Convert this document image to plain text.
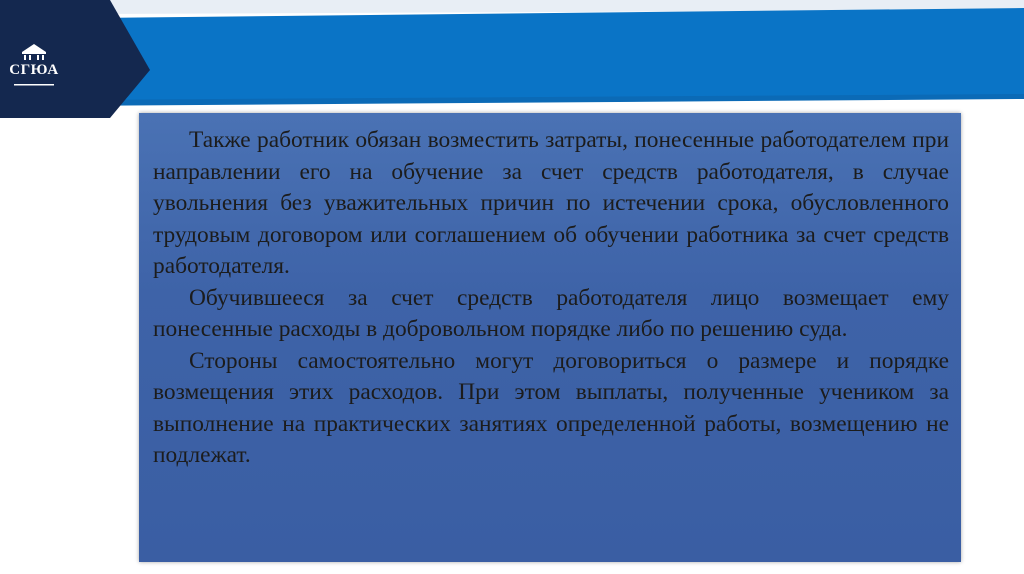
СГЮА

Также работник обязан возместить затраты, понесенные работодателем при направлении его на обучение за счет средств работодателя, в случае увольнения без уважительных причин по истечении срока, обусловленного трудовым договором или соглашением об обучении работника за счет средств работодателя.

Обучившееся за счет средств работодателя лицо возмещает ему понесенные расходы в добровольном порядке либо по решению суда.

Стороны самостоятельно могут договориться о размере и порядке возмещения этих расходов. При этом выплаты, полученные учеником за выполнение на практических занятиях определенной работы, возмещению не подлежат.
